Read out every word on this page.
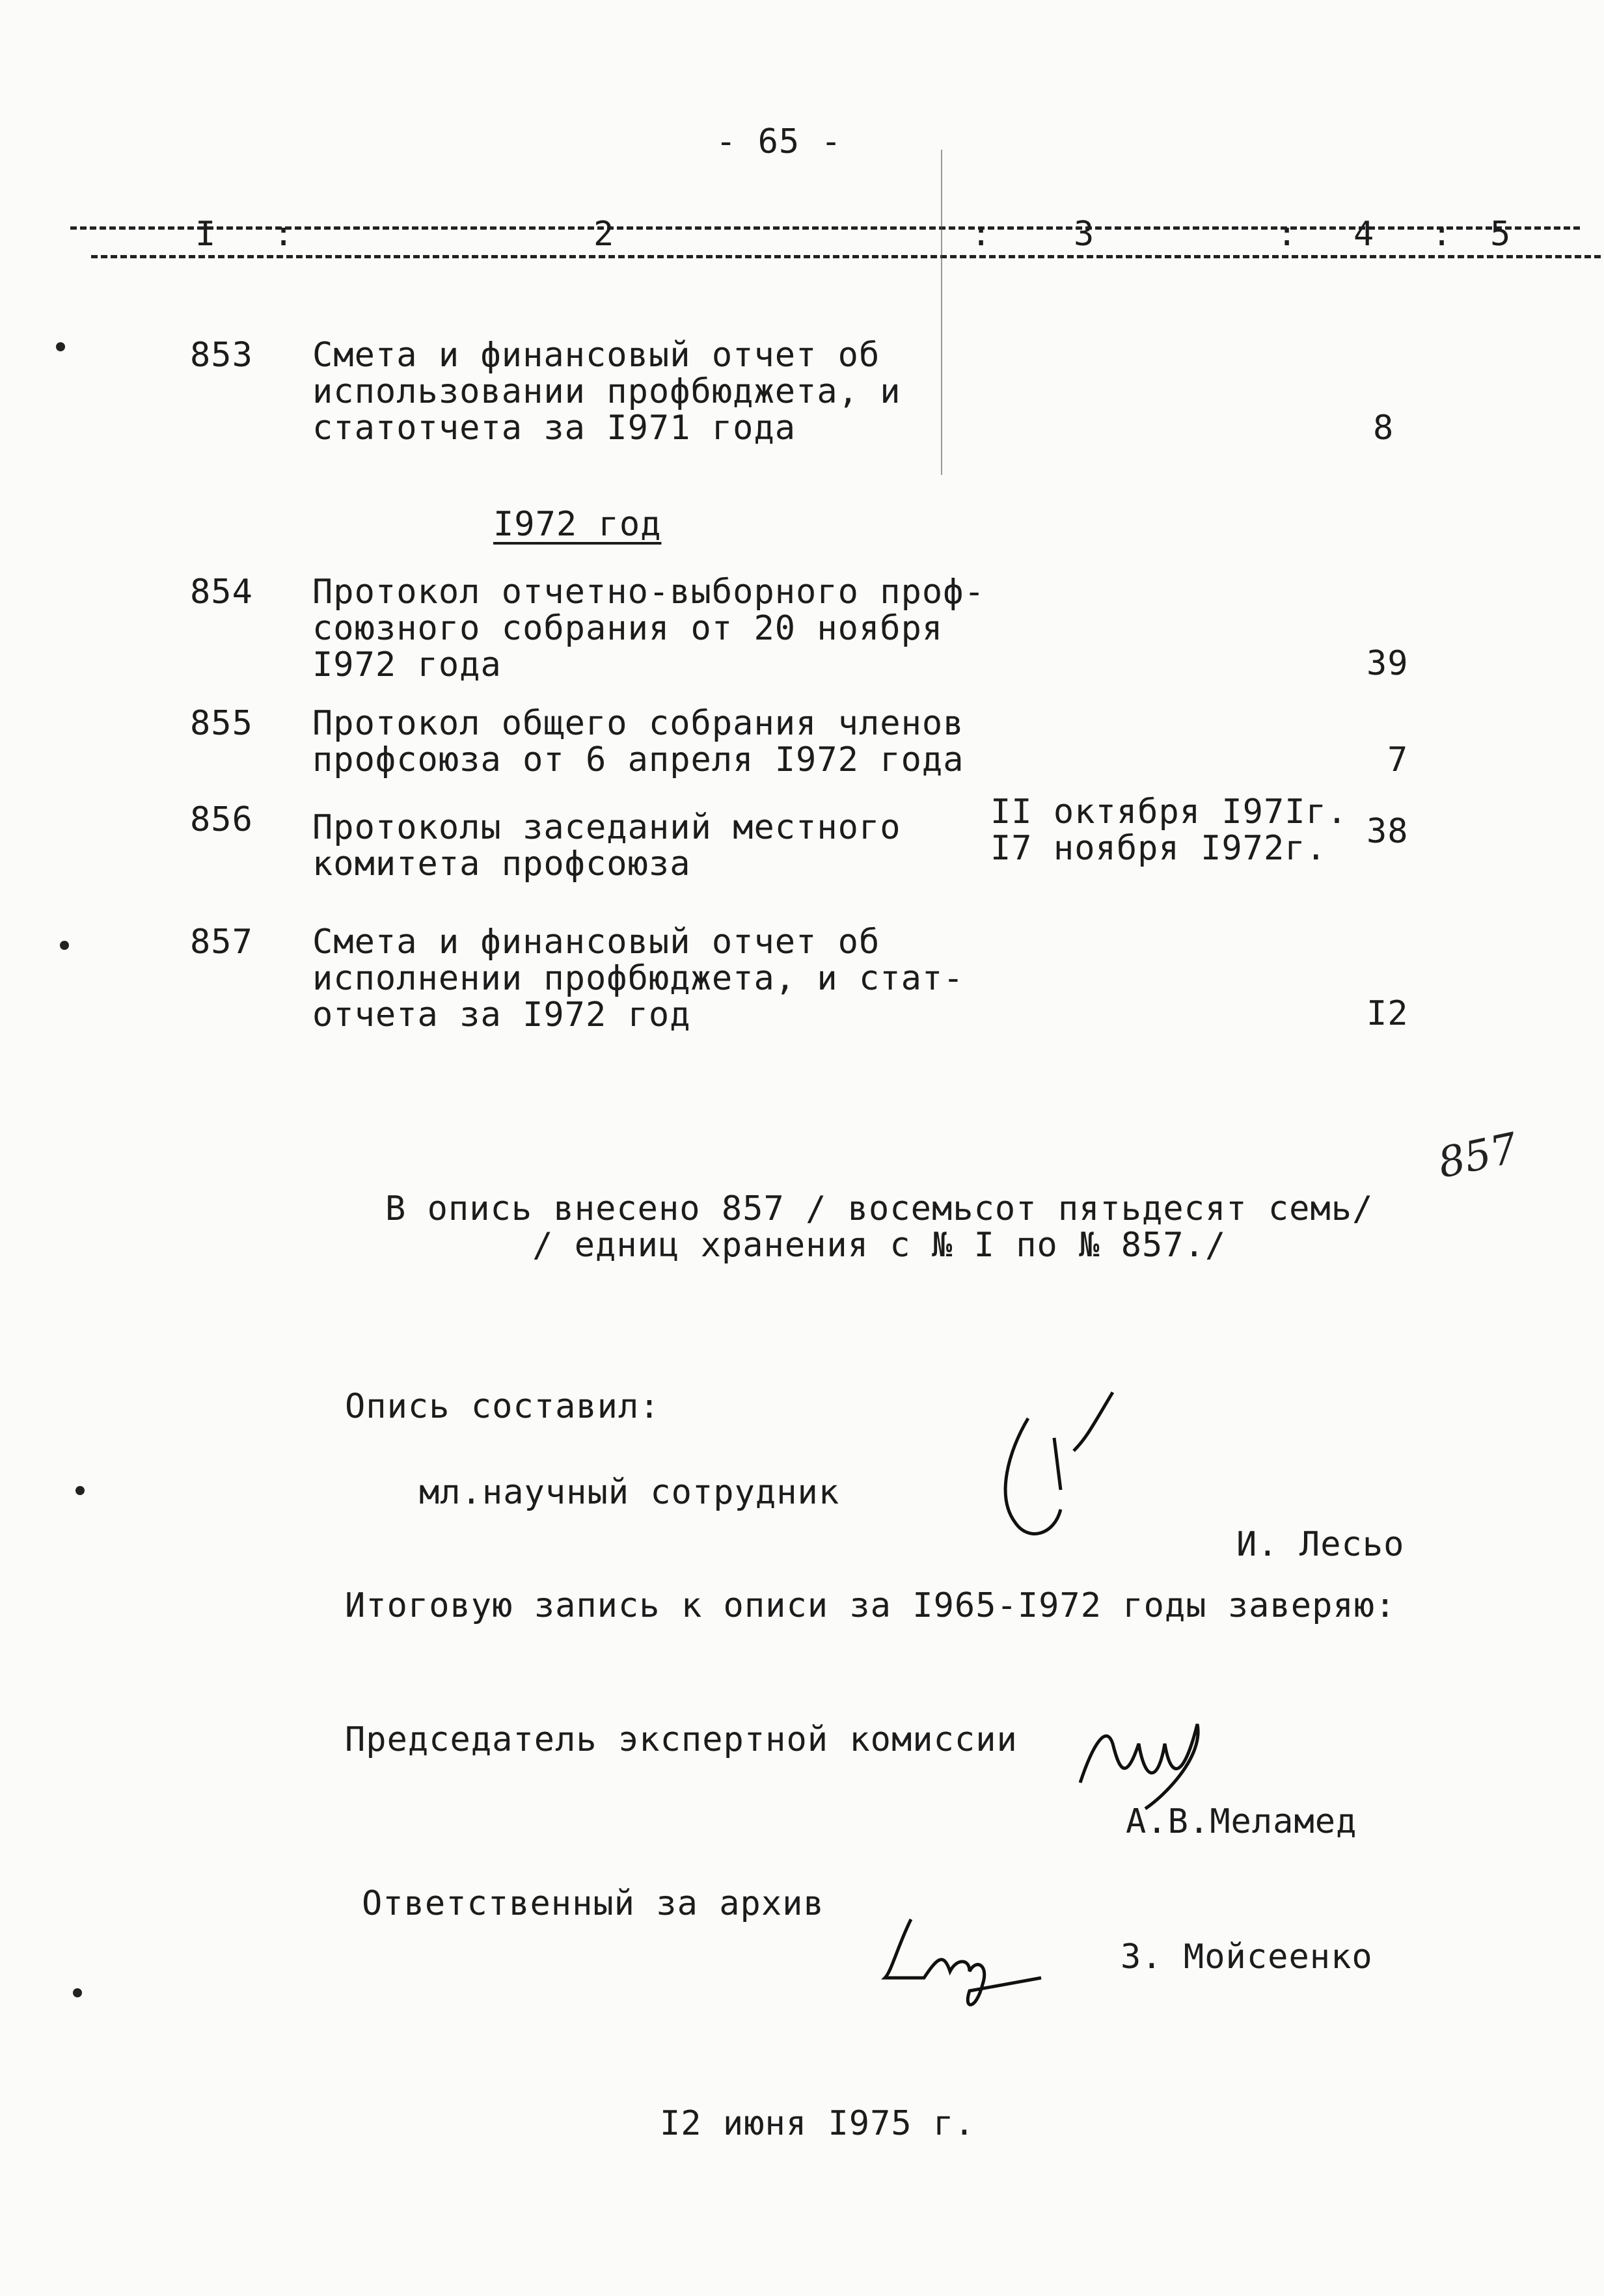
- 65 -
I :	2	: 3	: 4 : 5
853 Смета и финансовый отчет об
использовании профбюджета, и
статотчета за I971 года	8
I972 год
854 Протокол отчетно-выборного проф-
союзного собрания от 20 ноября
I972 года	39
855 Протокол общего собрания членов
профсоюза от 6 апреля I972 года	7
856 Протоколы заседаний местного
комитета профсоюза
II октября I97Iг.
I7 ноября I972г.	38
857 Смета и финансовый отчет об
исполнении профбюджета, и стат-
отчета за I972 год	I2
857
В опись внесено 857 / восемьсот пятьдесят семь/
/ едниц хранения с № I по № 857./
Опись составил:
мл.научный сотрудник
И. Лесьо
Итоговую запись к описи за I965-I972 годы заверяю:
Председатель экспертной комиссии
А.В.Меламед
Ответственный за архив
З. Мойсеенко
I2 июня I975 г.
